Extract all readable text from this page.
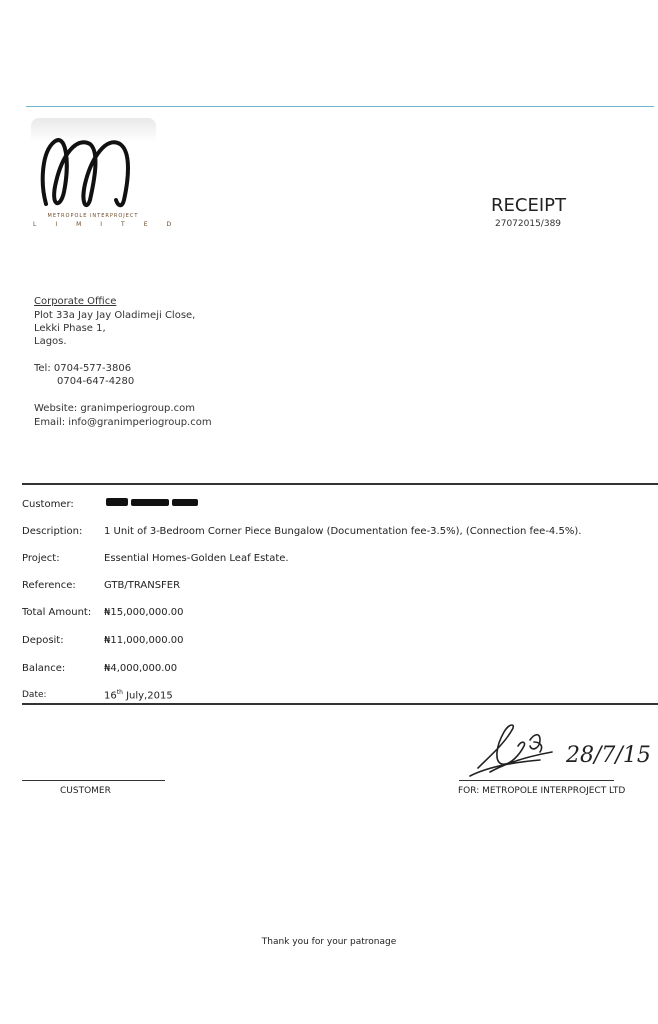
METROPOLE INTERPROJECT
LIMITED
RECEIPT
27072015/389
Corporate Office
Plot 33a Jay Jay Oladimeji Close,
Lekki Phase 1,
Lagos.
Tel: 0704-577-3806
0704-647-4280
Website: granimperiogroup.com
Email: info@granimperiogroup.com
Customer:
Description: 1 Unit of 3-Bedroom Corner Piece Bungalow (Documentation fee-3.5%), (Connection fee-4.5%).
Project:	Essential Homes-Golden Leaf Estate.
Reference:	GTB/TRANSFER
Total Amount: ₦15,000,000.00
Deposit:	₦11,000,000.00
Balance:	₦4,000,000.00
Date:	16th July,2015
CUSTOMER
28/7/15
FOR: METROPOLE INTERPROJECT LTD
Thank you for your patronage
